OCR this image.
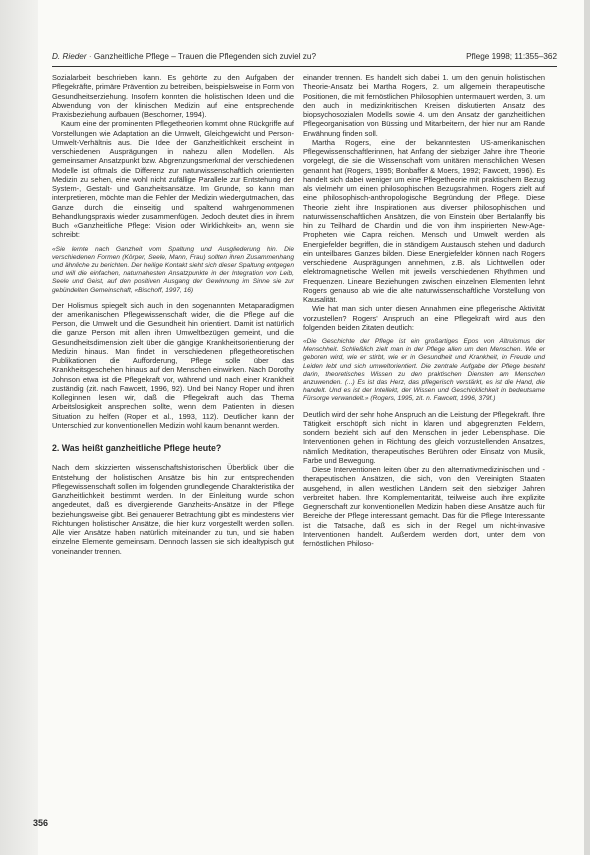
D. Rieder · Ganzheitliche Pflege – Trauen die Pflegenden sich zuviel zu?	Pflege 1998; 11:355–362

Sozialarbeit beschrieben kann. Es gehörte zu den Aufgaben der Pflegekräfte, primäre Prävention zu betreiben, beispielsweise in Form von Gesundheitserziehung. Insofern konnten die holistischen Ideen und die Abwendung von der klinischen Medizin auf eine entsprechende Praxisbeziehung aufbauen (Beschorner, 1994).

Kaum eine der prominenten Pflegetheorien kommt ohne Rückgriffe auf Vorstellungen wie Adaptation an die Umwelt, Gleichgewicht und Person-Umwelt-Verhältnis aus. Die Idee der Ganzheitlichkeit erscheint in verschiedenen Ausprägungen in nahezu allen Modellen. Als gemeinsamer Ansatzpunkt bzw. Abgrenzungsmerkmal der verschiedenen Modelle ist oftmals die Differenz zur naturwissenschaftlich orientierten Medizin zu sehen, eine wohl nicht zufällige Parallele zur Entstehung der System-, Gestalt- und Ganzheitsansätze. Im Grunde, so kann man interpretieren, möchte man die Fehler der Medizin wiedergutmachen, das Ganze durch die einseitig und spaltend wahrgenommenen Behandlungspraxis wieder zusammenfügen. Jedoch deutet dies in ihrem Buch «Ganzheitliche Pflege: Vision oder Wirklichkeit» an, wenn sie schreibt:

«Sie lernte nach Ganzheit vom Spaltung und Ausgliederung hin. Die verschiedenen Formen (Körper, Seele, Mann, Frau) sollten ihren Zusammenhang und ähnliche zu berichten. Der heilige Kontakt sieht sich dieser Spaltung entgegen und will die einfachen, naturnahesten Ansatzpunkte in der Integration von Leib, Seele und Geist, auf den positiven Ausgang der Gewinnung im Sinne sie zur gebündelten Gemeinschaft, «Bischoff, 1997, 16)

Der Holismus spiegelt sich auch in den sogenannten Metaparadigmen der amerikanischen Pflegewissenschaft wider, die die Pflege auf die Person, die Umwelt und die Gesundheit hin orientiert. Damit ist natürlich die ganze Person mit allen ihren Umweltbezügen gemeint, und die Gesundheitsdimension zielt über die gängige Krankheitsorientierung der Medizin hinaus. Man findet in verschiedenen pflegetheoretischen Publikationen die Aufforderung, Pflege solle über das Krankheitsgeschehen hinaus auf den Menschen einwirken. Nach Dorothy Johnson etwa ist die Pflegekraft vor, während und nach einer Krankheit zuständig (zit. nach Fawcett, 1996, 92). Und bei Nancy Roper und ihren Kolleginnen lesen wir, daß die Pflegekraft auch das Thema Arbeitslosigkeit ansprechen sollte, wenn dem Patienten in diesen Situation zu helfen (Roper et al., 1993, 112). Deutlicher kann der Unterschied zur konventionellen Medizin wohl kaum benannt werden.

2. Was heißt ganzheitliche Pflege heute?

Nach dem skizzierten wissenschaftshistorischen Überblick über die Entstehung der holistischen Ansätze bis hin zur entsprechenden Pflegewissenschaft sollen im folgenden grundlegende Charakteristika der Ganzheitlichkeit bestimmt werden. In der Einleitung wurde schon angedeutet, daß es divergierende Ganzheits-Ansätze in der Pflege beziehungsweise gibt. Bei genauerer Betrachtung gibt es mindestens vier Richtungen holistischer Ansätze, die hier kurz vorgestellt werden sollen. Alle vier Ansätze haben natürlich miteinander zu tun, und sie haben einzelne Elemente gemeinsam. Dennoch lassen sie sich idealtypisch gut voneinander trennen.

einander trennen. Es handelt sich dabei 1. um den genuin holistischen Theorie-Ansatz bei Martha Rogers, 2. um allgemein therapeutische Positionen, die mit fernöstlichen Philosophien untermauert werden, 3. um den auch in medizinkritischen Kreisen diskutierten Ansatz des biopsychosozialen Modells sowie 4. um den Ansatz der ganzheitlichen Pflegeorganisation von Büssing und Mitarbeitern, der hier nur am Rande Erwähnung finden soll.

Martha Rogers, eine der bekanntesten US-amerikanischen Pflegewissenschaftlerinnen, hat Anfang der siebziger Jahre ihre Theorie vorgelegt, die sie die Wissenschaft vom unitären menschlichen Wesen genannt hat (Rogers, 1995; Bonbaffer & Moers, 1992; Fawcett, 1996). Es handelt sich dabei weniger um eine Pflegetheorie mit praktischem Bezug als vielmehr um einen philosophischen Bezugsrahmen. Rogers zielt auf eine philosophisch-anthropologische Begründung der Pflege. Diese Theorie zieht ihre Inspirationen aus diverser philosophischen und naturwissenschaftlichen Ansätzen, die von Einstein über Bertalanffy bis hin zu Teilhard de Chardin und die von ihm inspirierten New-Age-Propheten wie Capra reichen. Mensch und Umwelt werden als Energiefelder begriffen, die in ständigem Austausch stehen und dadurch ein unteilbares Ganzes bilden. Diese Energiefelder können nach Rogers verschiedene Ausprägungen annehmen, z.B. als Lichtwellen oder elektromagnetische Wellen mit jeweils verschiedenen Rhythmen und Frequenzen. Lineare Beziehungen zwischen einzelnen Elementen lehnt Rogers genauso ab wie die alte naturwissenschaftliche Vorstellung von Kausalität.

Wie hat man sich unter diesen Annahmen eine pflegerische Aktivität vorzustellen? Rogers' Anspruch an eine Pflegekraft wird aus den folgenden beiden Zitaten deutlich:

«Die Geschichte der Pflege ist ein großartiges Epos von Altruismus der Menschheit. Schließlich zielt man in der Pflege allen um den Menschen. Wie er geboren wird, wie er stirbt, wie er in Gesundheit und Krankheit, in Freude und Leiden lebt und sich umweltorientiert. Die zentrale Aufgabe der Pflege besteht darin, theoretisches Wissen zu den praktischen Diensten am Menschen anzuwenden. (...) Es ist das Herz, das pflegerisch verstärkt, es ist die Hand, die handelt. Und es ist der Intellekt, der Wissen und Geschicklichkeit in bedeutsame Fürsorge verwandelt.» (Rogers, 1995, zit. n. Fawcett, 1996, 379f.)

Deutlich wird der sehr hohe Anspruch an die Leistung der Pflegekraft. Ihre Tätigkeit erschöpft sich nicht in klaren und abgegrenzten Feldern, sondern bezieht sich auf den Menschen in jeder Lebensphase. Die Interventionen gehen in Richtung des gleich vorzustellenden Ansatzes, nämlich Meditation, therapeutisches Berühren oder Einsatz von Musik, Farbe und Bewegung.

Diese Interventionen leiten über zu den alternativmedizinischen und -therapeutischen Ansätzen, die sich, von den Vereinigten Staaten ausgehend, in allen westlichen Ländern seit den siebziger Jahren verbreitet haben. Ihre Komplementarität, teilweise auch ihre explizite Gegnerschaft zur konventionellen Medizin haben diese Ansätze auch für Bereiche der Pflege interessant gemacht. Das für die Pflege Interessante ist die Tatsache, daß es sich in der Regel um nicht-invasive Interventionen handelt. Außerdem werden dort, unter dem von fernöstlichen Philoso-

356
